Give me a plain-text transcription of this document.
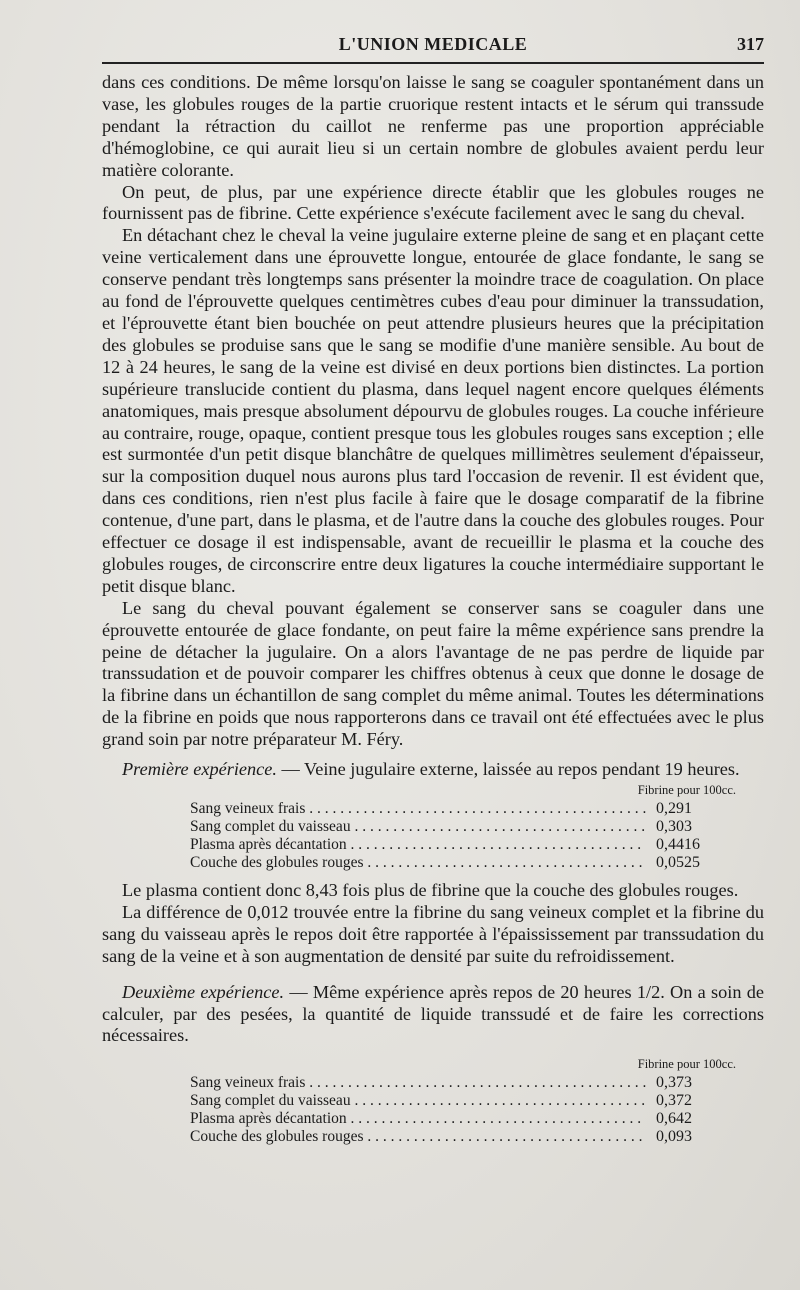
L'UNION MEDICALE	317

dans ces conditions. De même lorsqu'on laisse le sang se coaguler spontanément dans un vase, les globules rouges de la partie cruorique restent intacts et le sérum qui transsude pendant la rétraction du caillot ne renferme pas une proportion appréciable d'hémoglobine, ce qui aurait lieu si un certain nombre de globules avaient perdu leur matière colorante.

On peut, de plus, par une expérience directe établir que les globules rouges ne fournissent pas de fibrine. Cette expérience s'exécute facilement avec le sang du cheval.

En détachant chez le cheval la veine jugulaire externe pleine de sang et en plaçant cette veine verticalement dans une éprouvette longue, entourée de glace fondante, le sang se conserve pendant très longtemps sans présenter la moindre trace de coagulation. On place au fond de l'éprouvette quelques centimètres cubes d'eau pour diminuer la transsudation, et l'éprouvette étant bien bouchée on peut attendre plusieurs heures que la précipitation des globules se produise sans que le sang se modifie d'une manière sensible. Au bout de 12 à 24 heures, le sang de la veine est divisé en deux portions bien distinctes. La portion supérieure translucide contient du plasma, dans lequel nagent encore quelques éléments anatomiques, mais presque absolument dépourvu de globules rouges. La couche inférieure au contraire, rouge, opaque, contient presque tous les globules rouges sans exception ; elle est surmontée d'un petit disque blanchâtre de quelques millimètres seulement d'épaisseur, sur la composition duquel nous aurons plus tard l'occasion de revenir. Il est évident que, dans ces conditions, rien n'est plus facile à faire que le dosage comparatif de la fibrine contenue, d'une part, dans le plasma, et de l'autre dans la couche des globules rouges. Pour effectuer ce dosage il est indispensable, avant de recueillir le plasma et la couche des globules rouges, de circonscrire entre deux ligatures la couche intermédiaire supportant le petit disque blanc.

Le sang du cheval pouvant également se conserver sans se coaguler dans une éprouvette entourée de glace fondante, on peut faire la même expérience sans prendre la peine de détacher la jugulaire. On a alors l'avantage de ne pas perdre de liquide par transsudation et de pouvoir comparer les chiffres obtenus à ceux que donne le dosage de la fibrine dans un échantillon de sang complet du même animal. Toutes les déterminations de la fibrine en poids que nous rapporterons dans ce travail ont été effectuées avec le plus grand soin par notre préparateur M. Féry.

Première expérience. — Veine jugulaire externe, laissée au repos pendant 19 heures.

Fibrine pour 100cc.
Sang veineux frais . . .	0,291
Sang complet du vaisseau . . .	0,303
Plasma après décantation . . .	0,4416
Couche des globules rouges . . .	0,0525

Le plasma contient donc 8,43 fois plus de fibrine que la couche des globules rouges.

La différence de 0,012 trouvée entre la fibrine du sang veineux complet et la fibrine du sang du vaisseau après le repos doit être rapportée à l'épaississement par transsudation du sang de la veine et à son augmentation de densité par suite du refroidissement.

Deuxième expérience. — Même expérience après repos de 20 heures 1/2. On a soin de calculer, par des pesées, la quantité de liquide transsudé et de faire les corrections nécessaires.

Fibrine pour 100cc.
Sang veineux frais . . .	0,373
Sang complet du vaisseau . . .	0,372
Plasma après décantation . . .	0,642
Couche des globules rouges . . .	0,093
